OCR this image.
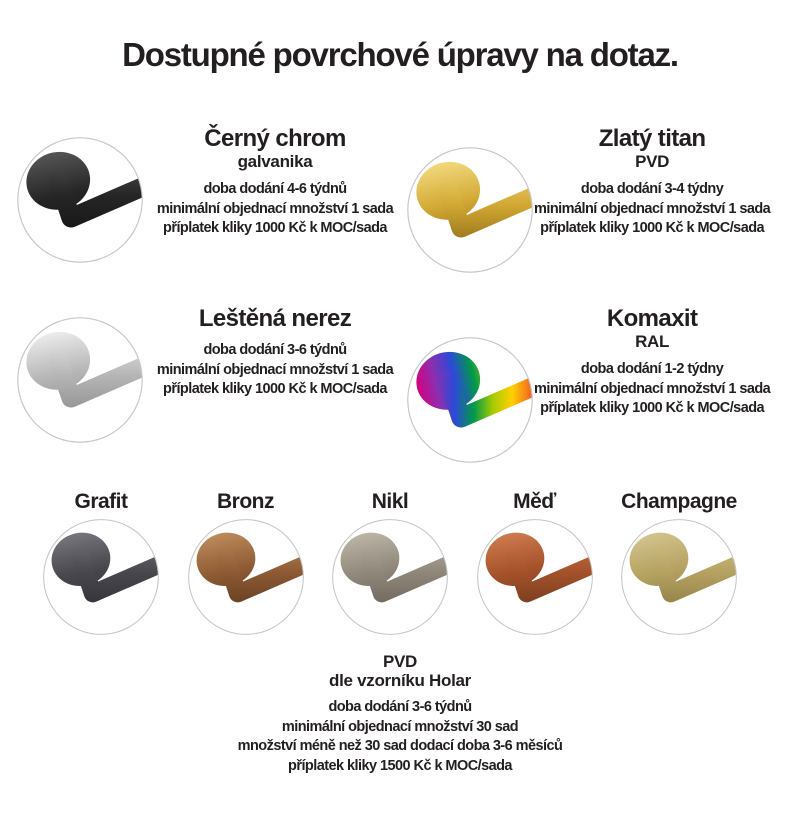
Dostupné povrchové úpravy na dotaz.
Černý chrom
galvanika
doba dodání 4-6 týdnů
minimální objednací množství 1 sada
příplatek kliky 1000 Kč k MOC/sada
Zlatý titan
PVD
doba dodání 3-4 týdny
minimální objednací množství 1 sada
příplatek kliky 1000 Kč k MOC/sada
Leštěná nerez
doba dodání 3-6 týdnů
minimální objednací množství 1 sada
příplatek kliky 1000 Kč k MOC/sada
Komaxit
RAL
doba dodání 1-2 týdny
minimální objednací množství 1 sada
příplatek kliky 1000 Kč k MOC/sada
Grafit	Bronz	Nikl	Měď	Champagne
PVD
dle vzorníku Holar
doba dodání 3-6 týdnů
minimální objednací množství 30 sad
množství méně než 30 sad dodací doba 3-6 měsíců
příplatek kliky 1500 Kč k MOC/sada
